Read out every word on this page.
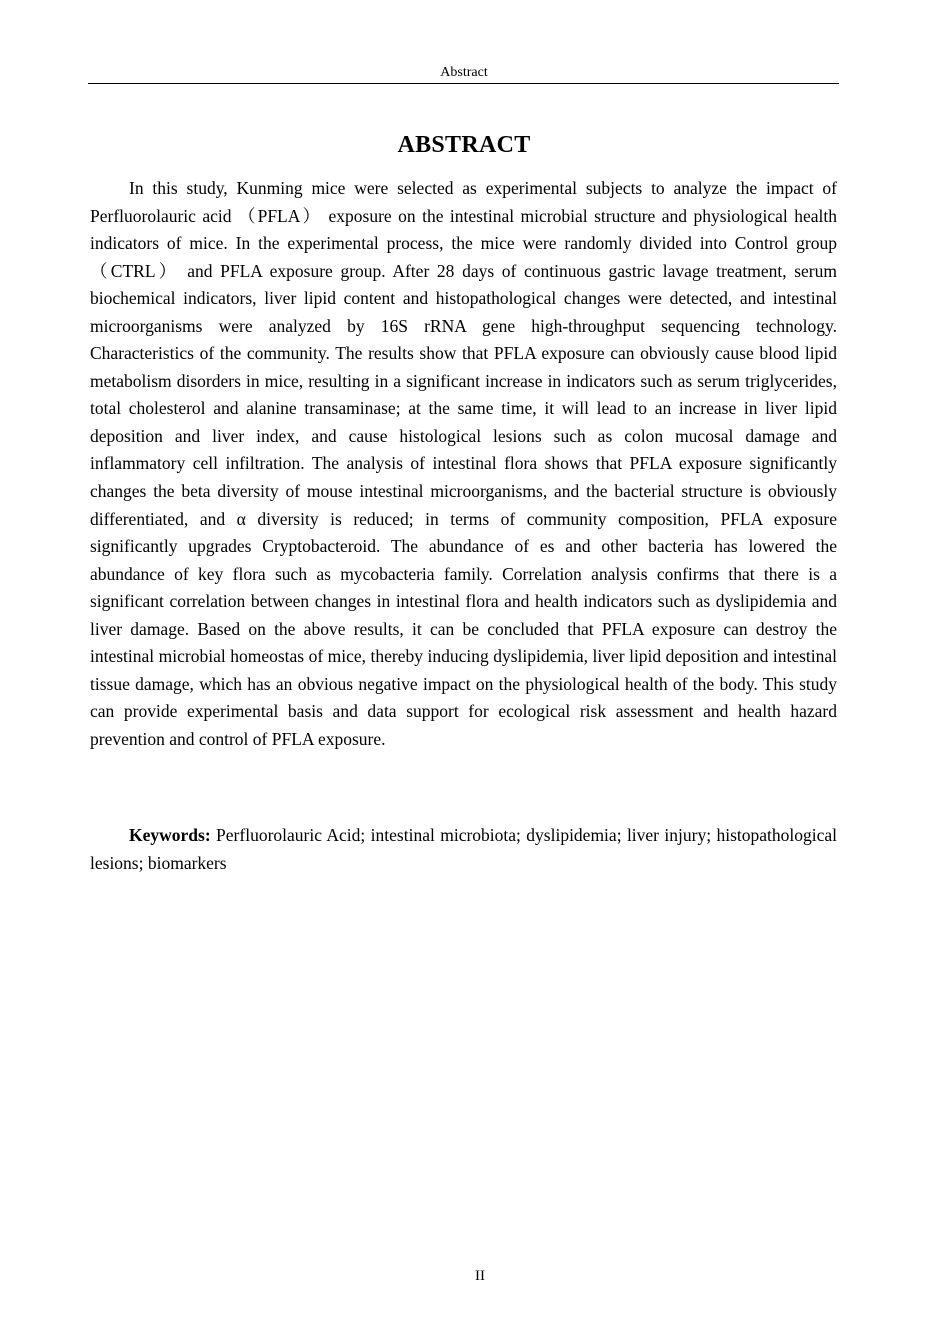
Abstract
ABSTRACT

In this study, Kunming mice were selected as experimental subjects to analyze the impact of Perfluorolauric acid （PFLA） exposure on the intestinal microbial structure and physiological health indicators of mice. In the experimental process, the mice were randomly divided into Control group （CTRL） and PFLA exposure group. After 28 days of continuous gastric lavage treatment, serum biochemical indicators, liver lipid content and histopathological changes were detected, and intestinal microorganisms were analyzed by 16S rRNA gene high-throughput sequencing technology. Characteristics of the community. The results show that PFLA exposure can obviously cause blood lipid metabolism disorders in mice, resulting in a significant increase in indicators such as serum triglycerides, total cholesterol and alanine transaminase; at the same time, it will lead to an increase in liver lipid deposition and liver index, and cause histological lesions such as colon mucosal damage and inflammatory cell infiltration. The analysis of intestinal flora shows that PFLA exposure significantly changes the beta diversity of mouse intestinal microorganisms, and the bacterial structure is obviously differentiated, and α diversity is reduced; in terms of community composition, PFLA exposure significantly upgrades Cryptobacteroid. The abundance of es and other bacteria has lowered the abundance of key flora such as mycobacteria family. Correlation analysis confirms that there is a significant correlation between changes in intestinal flora and health indicators such as dyslipidemia and liver damage. Based on the above results, it can be concluded that PFLA exposure can destroy the intestinal microbial homeostas of mice, thereby inducing dyslipidemia, liver lipid deposition and intestinal tissue damage, which has an obvious negative impact on the physiological health of the body. This study can provide experimental basis and data support for ecological risk assessment and health hazard prevention and control of PFLA exposure.

Keywords: Perfluorolauric Acid; intestinal microbiota; dyslipidemia; liver injury; histopathological lesions; biomarkers

II
